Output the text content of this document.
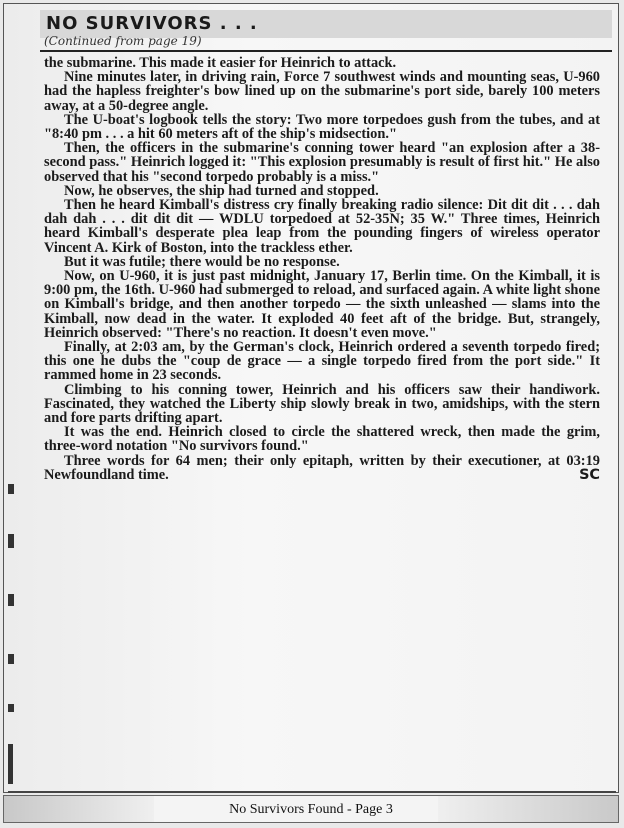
NO SURVIVORS . . .
(Continued from page 19)

the submarine. This made it easier for Heinrich to attack.

Nine minutes later, in driving rain, Force 7 southwest winds and mounting seas, U-960 had the hapless freighter's bow lined up on the submarine's port side, barely 100 meters away, at a 50-degree angle.

The U-boat's logbook tells the story: Two more torpedoes gush from the tubes, and at "8:40 pm . . . a hit 60 meters aft of the ship's midsection."

Then, the officers in the submarine's conning tower heard "an explosion after a 38-second pass." Heinrich logged it: "This explosion presumably is result of first hit." He also observed that his "second torpedo probably is a miss."

Now, he observes, the ship had turned and stopped.

Then he heard Kimball's distress cry finally breaking radio silence: Dit dit dit . . . dah dah dah . . . dit dit dit — WDLU torpedoed at 52-35N; 35 W." Three times, Heinrich heard Kimball's desperate plea leap from the pounding fingers of wireless operator Vincent A. Kirk of Boston, into the trackless ether.

But it was futile; there would be no response.

Now, on U-960, it is just past midnight, January 17, Berlin time. On the Kimball, it is 9:00 pm, the 16th. U-960 had submerged to reload, and surfaced again. A white light shone on Kimball's bridge, and then another torpedo — the sixth unleashed — slams into the Kimball, now dead in the water. It exploded 40 feet aft of the bridge. But, strangely, Heinrich observed: "There's no reaction. It doesn't even move."

Finally, at 2:03 am, by the German's clock, Heinrich ordered a seventh torpedo fired; this one he dubs the "coup de grace — a single torpedo fired from the port side." It rammed home in 23 seconds.

Climbing to his conning tower, Heinrich and his officers saw their handiwork. Fascinated, they watched the Liberty ship slowly break in two, amidships, with the stern and fore parts drifting apart.

It was the end. Heinrich closed to circle the shattered wreck, then made the grim, three-word notation "No survivors found."

Three words for 64 men; their only epitaph, written by their executioner, at 03:19 Newfoundland time.	SC

No Survivors Found - Page 3
